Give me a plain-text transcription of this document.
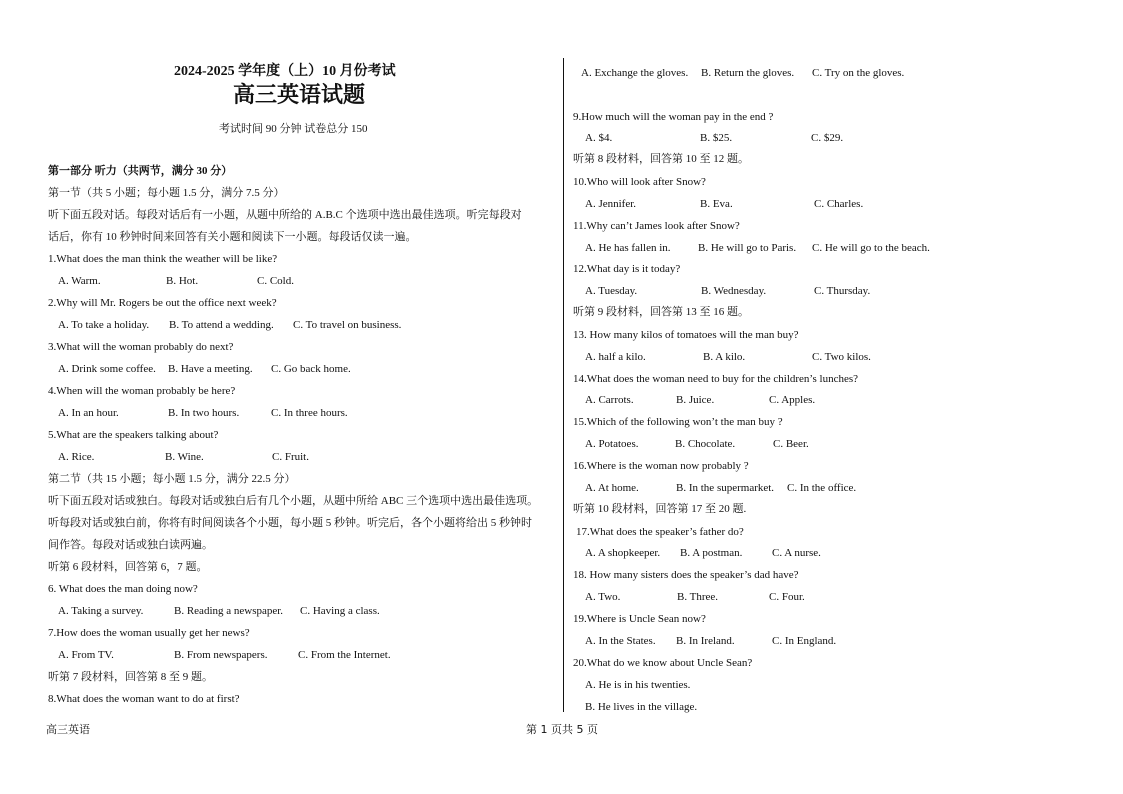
2024-2025 学年度（上）10 月份考试
高三英语试题
考试时间 90 分钟 试卷总分 150
第一部分 听力（共两节，满分 30 分）
第一节（共 5 小题；每小题 1.5 分，满分 7.5 分）
听下面五段对话。每段对话后有一小题，从题中所给的 A.B.C 个选项中选出最佳选项。听完每段对
话后，你有 10 秒钟时间来回答有关小题和阅读下一小题。每段话仅读一遍。
1.What does the man think the weather will be like?
A. Warm.	B. Hot.	C. Cold.
2.Why will Mr. Rogers be out the office next week?
A. To take a holiday. B. To attend a wedding. C. To travel on business.
3.What will the woman probably do next?
A. Drink some coffee. B. Have a meeting. C. Go back home.
4.When will the woman probably be here?
A. In an hour.	B. In two hours.	C. In three hours.
5.What are the speakers talking about?
A. Rice.	B. Wine.	C. Fruit.
第二节（共 15 小题；每小题 1.5 分，满分 22.5 分）
听下面五段对话或独白。每段对话或独白后有几个小题，从题中所给 ABC 三个选项中选出最佳选项。
听每段对话或独白前，你将有时间阅读各个小题，每小题 5 秒钟。听完后，各个小题将给出 5 秒钟时
间作答。每段对话或独白读两遍。
听第 6 段材料，回答第 6，7 题。
6. What does the man doing now?
A. Taking a survey.	B. Reading a newspaper. C. Having a class.
7.How does the woman usually get her news?
A. From TV.	B. From newspapers.	C. From the Internet.
听第 7 段材料，回答第 8 至 9 题。
8.What does the woman want to do at first?
A. Exchange the gloves. B. Return the gloves. C. Try on the gloves.
9.How much will the woman pay in the end ?
A. $4.	B. $25.	C. $29.
听第 8 段材料，回答第 10 至 12 题。
10.Who will look after Snow?
A. Jennifer.	B. Eva.	C. Charles.
11.Why can’t James look after Snow?
A. He has fallen in. B. He will go to Paris. C. He will go to the beach.
12.What day is it today?
A. Tuesday.	B. Wednesday.	C. Thursday.
听第 9 段材料，回答第 13 至 16 题。
13. How many kilos of tomatoes will the man buy?
A. half a kilo.	B. A kilo.	C. Two kilos.
14.What does the woman need to buy for the children’s lunches?
A. Carrots.	B. Juice.	C. Apples.
15.Which of the following won’t the man buy ?
A. Potatoes.	B. Chocolate.	C. Beer.
16.Where is the woman now probably ?
A. At home.	B. In the supermarket. C. In the office.
听第 10 段材料，回答第 17 至 20 题.
17.What does the speaker’s father do?
A. A shopkeeper. B. A postman.	C. A nurse.
18. How many sisters does the speaker’s dad have?
A. Two.	B. Three.	C. Four.
19.Where is Uncle Sean now?
A. In the States. B. In Ireland.	C. In England.
20.What do we know about Uncle Sean?
A. He is in his twenties.
B. He lives in the village.
高三英语	第 1 页共 5 页
